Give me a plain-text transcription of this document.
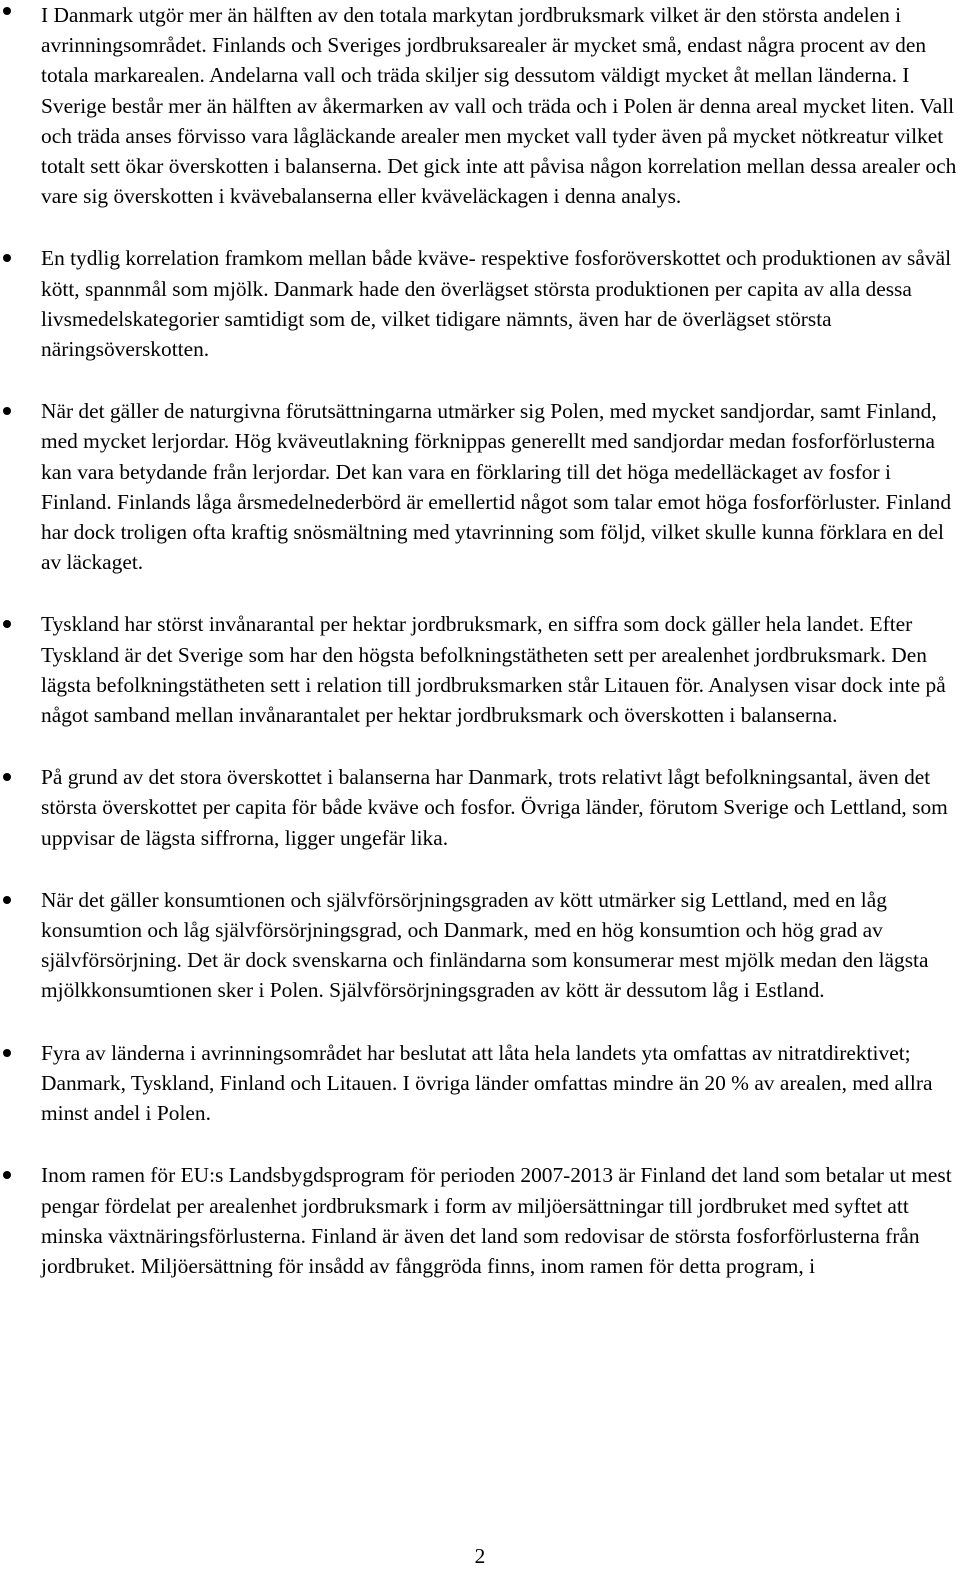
I Danmark utgör mer än hälften av den totala markytan jordbruksmark vilket är den största andelen i avrinningsområdet. Finlands och Sveriges jordbruksarealer är mycket små, endast några procent av den totala markarealen. Andelarna vall och träda skiljer sig dessutom väldigt mycket åt mellan länderna. I Sverige består mer än hälften av åkermarken av vall och träda och i Polen är denna areal mycket liten. Vall och träda anses förvisso vara lågläckande arealer men mycket vall tyder även på mycket nötkreatur vilket totalt sett ökar överskotten i balanserna. Det gick inte att påvisa någon korrelation mellan dessa arealer och vare sig överskotten i kvävebalanserna eller kväveläckagen i denna analys.
En tydlig korrelation framkom mellan både kväve- respektive fosforöverskottet och produktionen av såväl kött, spannmål som mjölk. Danmark hade den överlägset största produktionen per capita av alla dessa livsmedelskategorier samtidigt som de, vilket tidigare nämnts, även har de överlägset största näringsöverskotten.
När det gäller de naturgivna förutsättningarna utmärker sig Polen, med mycket sandjordar, samt Finland, med mycket lerjordar. Hög kväveutlakning förknippas generellt med sandjordar medan fosforförlusterna kan vara betydande från lerjordar. Det kan vara en förklaring till det höga medelläckaget av fosfor i Finland. Finlands låga årsmedelnederbörd är emellertid något som talar emot höga fosforförluster. Finland har dock troligen ofta kraftig snösmältning med ytavrinning som följd, vilket skulle kunna förklara en del av läckaget.
Tyskland har störst invånarantal per hektar jordbruksmark, en siffra som dock gäller hela landet. Efter Tyskland är det Sverige som har den högsta befolkningstätheten sett per arealenhet jordbruksmark. Den lägsta befolkningstätheten sett i relation till jordbruksmarken står Litauen för. Analysen visar dock inte på något samband mellan invånarantalet per hektar jordbruksmark och överskotten i balanserna.
På grund av det stora överskottet i balanserna har Danmark, trots relativt lågt befolkningsantal, även det största överskottet per capita för både kväve och fosfor. Övriga länder, förutom Sverige och Lettland, som uppvisar de lägsta siffrorna, ligger ungefär lika.
När det gäller konsumtionen och självförsörjningsgraden av kött utmärker sig Lettland, med en låg konsumtion och låg självförsörjningsgrad, och Danmark, med en hög konsumtion och hög grad av självförsörjning. Det är dock svenskarna och finländarna som konsumerar mest mjölk medan den lägsta mjölkkonsumtionen sker i Polen. Självförsörjningsgraden av kött är dessutom låg i Estland.
Fyra av länderna i avrinningsområdet har beslutat att låta hela landets yta omfattas av nitratdirektivet; Danmark, Tyskland, Finland och Litauen. I övriga länder omfattas mindre än 20 % av arealen, med allra minst andel i Polen.
Inom ramen för EU:s Landsbygdsprogram för perioden 2007-2013 är Finland det land som betalar ut mest pengar fördelat per arealenhet jordbruksmark i form av miljöersättningar till jordbruket med syftet att minska växtnäringsförlusterna. Finland är även det land som redovisar de största fosforförlusterna från jordbruket. Miljöersättning för insådd av fånggröda finns, inom ramen för detta program, i
2
